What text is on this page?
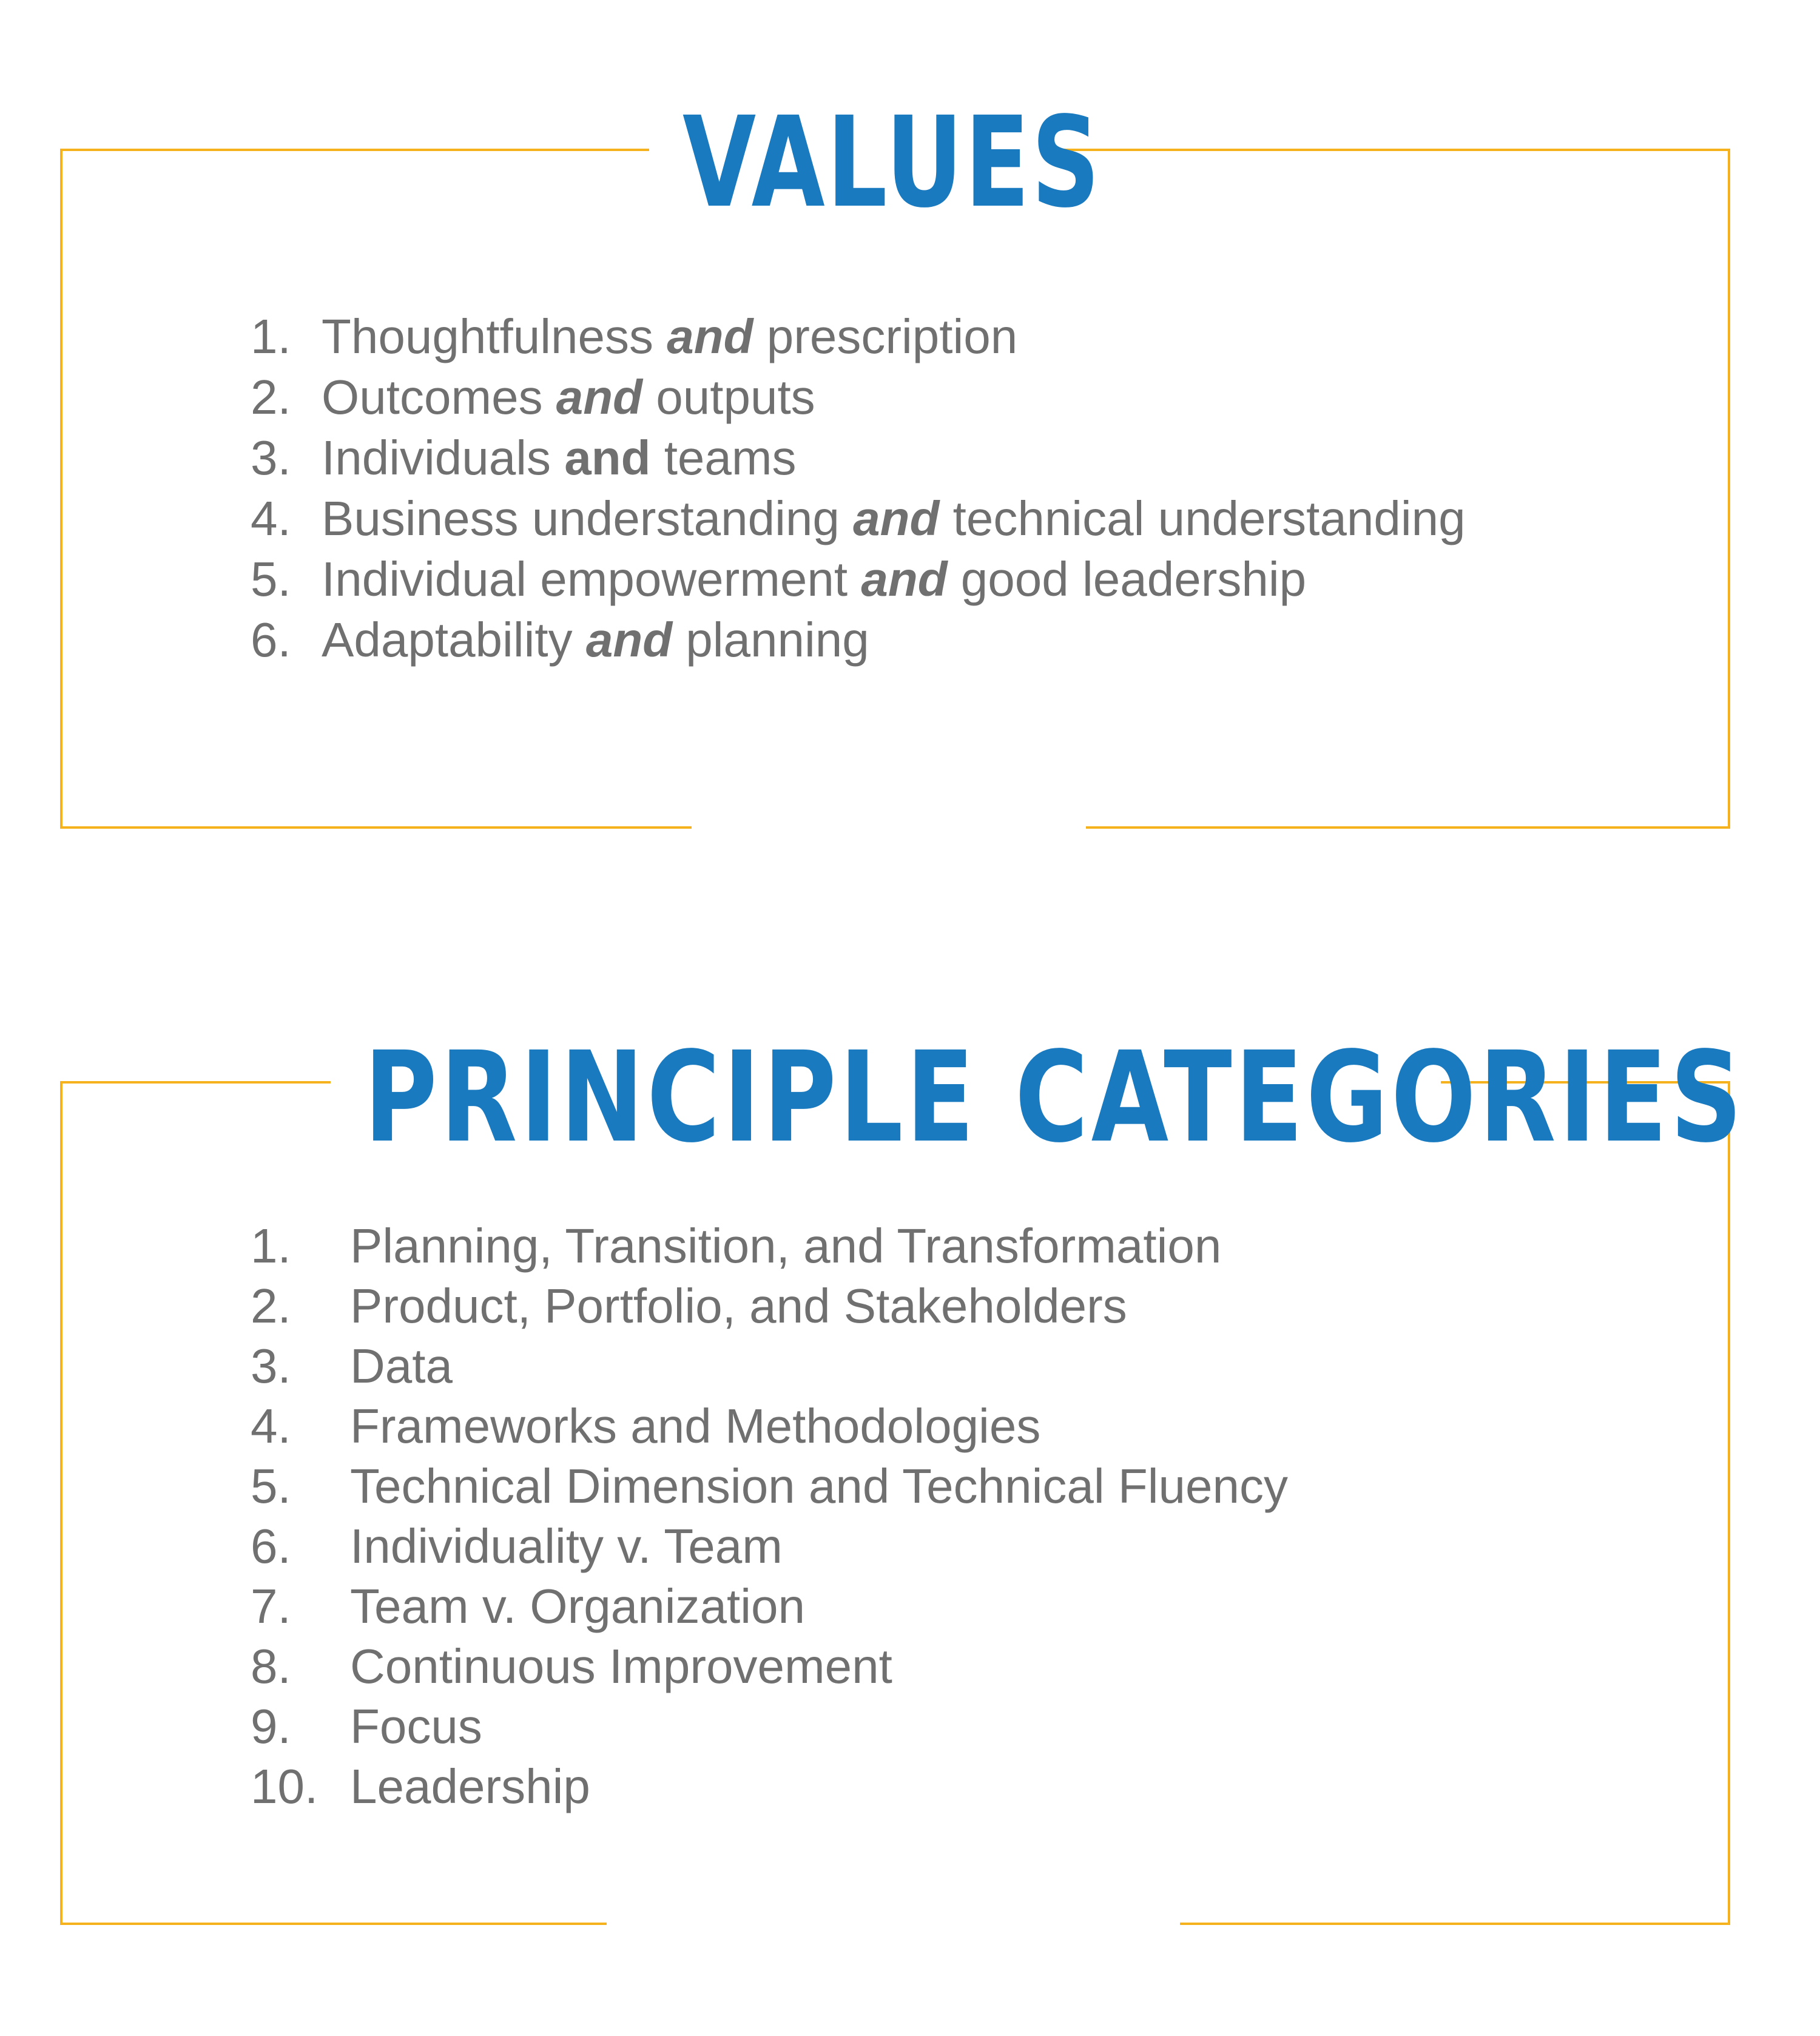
VALUES
1. Thoughtfulness and prescription
2. Outcomes and outputs
3. Individuals and teams
4. Business understanding and technical understanding
5. Individual empowerment and good leadership
6. Adaptability and planning
PRINCIPLE CATEGORIES
1. Planning, Transition, and Transformation
2. Product, Portfolio, and Stakeholders
3. Data
4. Frameworks and Methodologies
5. Technical Dimension and Technical Fluency
6. Individuality v. Team
7. Team v. Organization
8. Continuous Improvement
9. Focus
10. Leadership
